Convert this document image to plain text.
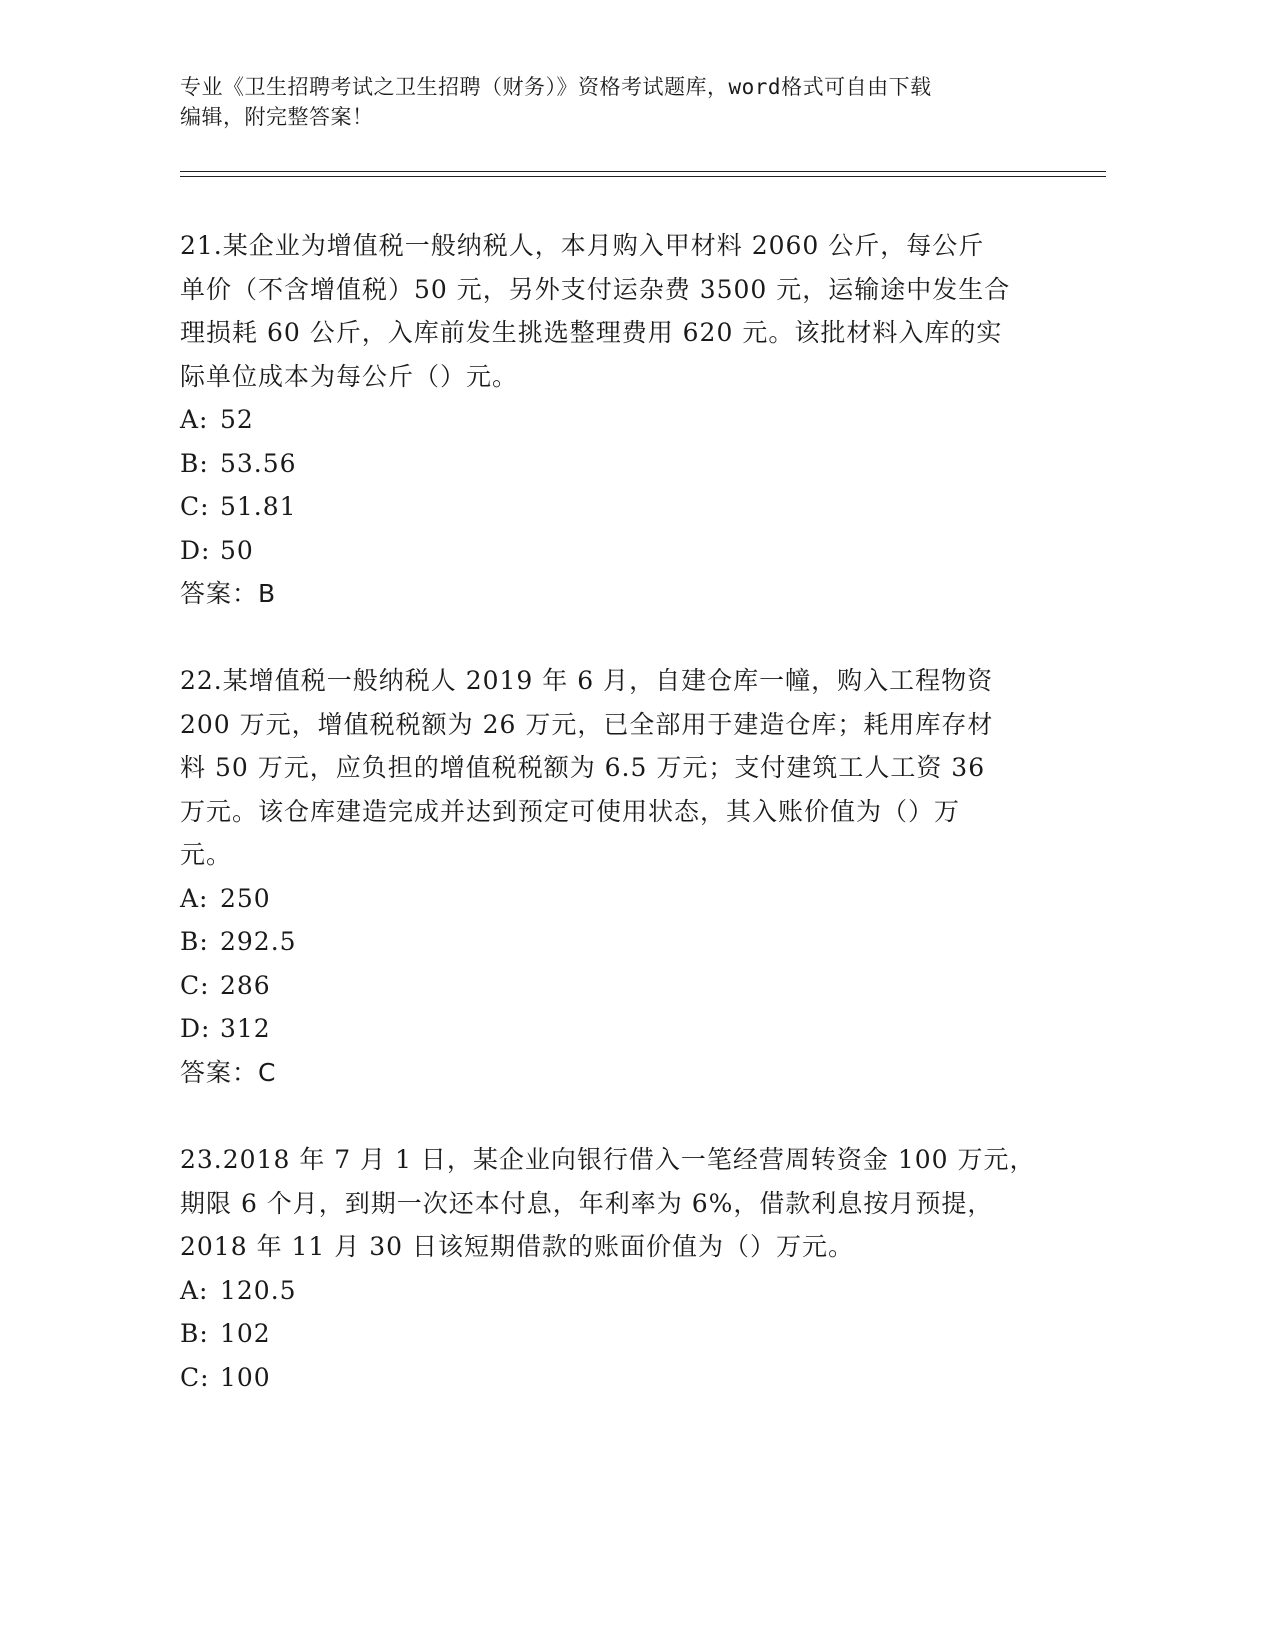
专业《卫生招聘考试之卫生招聘（财务）》资格考试题库，word格式可自由下载
编辑，附完整答案！
21.某企业为增值税一般纳税人，本月购入甲材料 2060 公斤，每公斤
单价（不含增值税）50 元，另外支付运杂费 3500 元，运输途中发生合
理损耗 60 公斤，入库前发生挑选整理费用 620 元。该批材料入库的实
际单位成本为每公斤（）元。
A: 52
B: 53.56
C: 51.81
D: 50
答案：B
22.某增值税一般纳税人 2019 年 6 月，自建仓库一幢，购入工程物资
200 万元，增值税税额为 26 万元，已全部用于建造仓库；耗用库存材
料 50 万元，应负担的增值税税额为 6.5 万元；支付建筑工人工资 36
万元。该仓库建造完成并达到预定可使用状态，其入账价值为（）万
元。
A: 250
B: 292.5
C: 286
D: 312
答案：C
23.2018 年 7 月 1 日，某企业向银行借入一笔经营周转资金 100 万元，
期限 6 个月，到期一次还本付息，年利率为 6%，借款利息按月预提，
2018 年 11 月 30 日该短期借款的账面价值为（）万元。
A: 120.5
B: 102
C: 100
